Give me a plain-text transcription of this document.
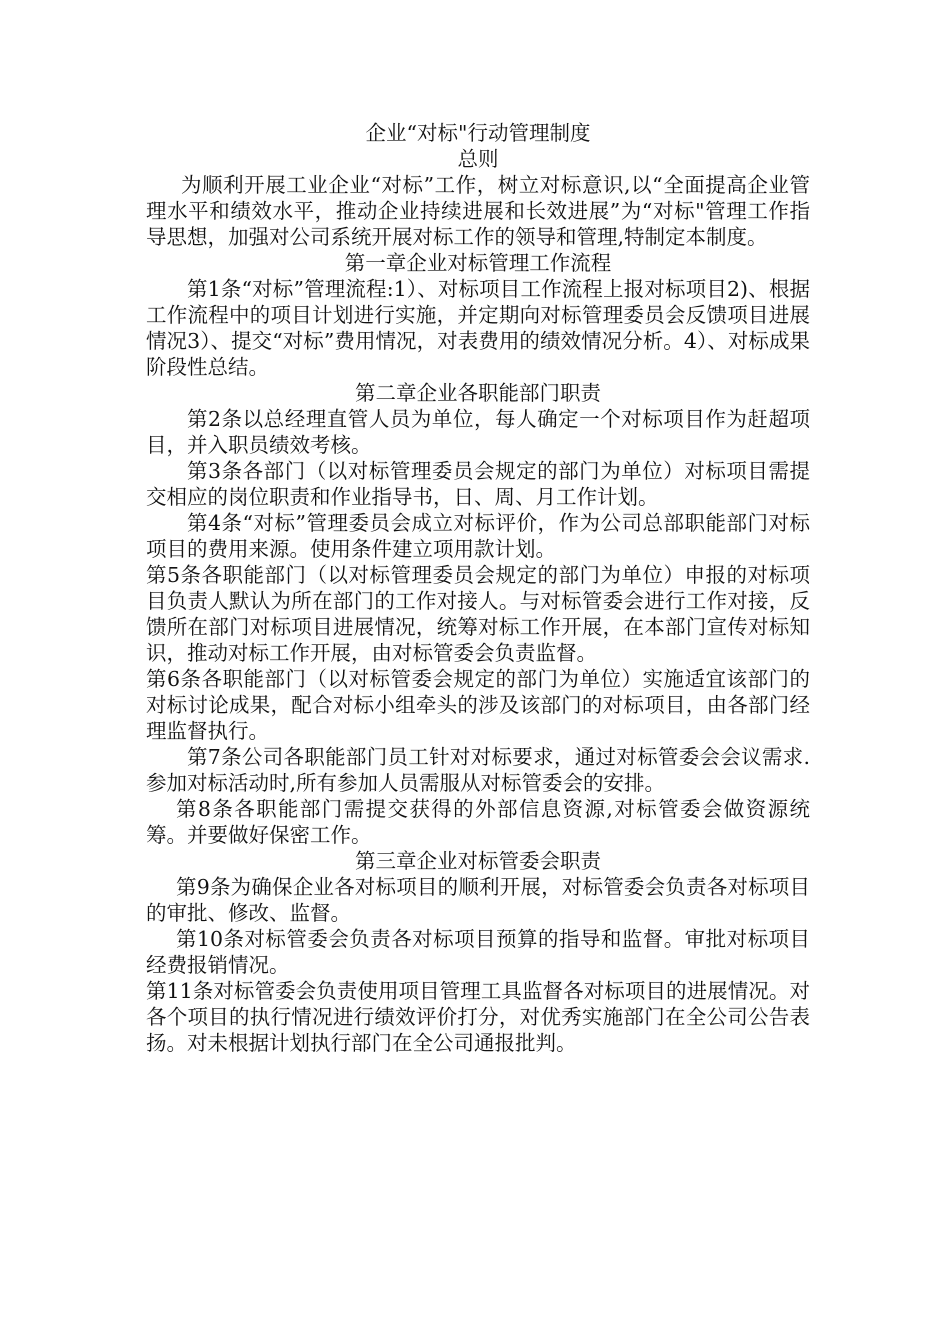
企业“对标"行动管理制度

总则

为顺利开展工业企业“对标”工作，树立对标意识,以“全面提高企业管理水平和绩效水平，推动企业持续进展和长效进展”为“对标"管理工作指导思想，加强对公司系统开展对标工作的领导和管理,特制定本制度。

第一章企业对标管理工作流程

第1条“对标”管理流程:1）、对标项目工作流程上报对标项目2)、根据工作流程中的项目计划进行实施，并定期向对标管理委员会反馈项目进展情况3）、提交“对标”费用情况，对表费用的绩效情况分析。4）、对标成果阶段性总结。

第二章企业各职能部门职责

第2条以总经理直管人员为单位，每人确定一个对标项目作为赶超项目，并入职员绩效考核。

第3条各部门（以对标管理委员会规定的部门为单位）对标项目需提交相应的岗位职责和作业指导书，日、周、月工作计划。

第4条“对标”管理委员会成立对标评价，作为公司总部职能部门对标项目的费用来源。使用条件建立项用款计划。

第5条各职能部门（以对标管理委员会规定的部门为单位）申报的对标项目负责人默认为所在部门的工作对接人。与对标管委会进行工作对接，反馈所在部门对标项目进展情况，统筹对标工作开展，在本部门宣传对标知识，推动对标工作开展，由对标管委会负责监督。

第6条各职能部门（以对标管委会规定的部门为单位）实施适宜该部门的对标讨论成果，配合对标小组牵头的涉及该部门的对标项目，由各部门经理监督执行。

第7条公司各职能部门员工针对对标要求，通过对标管委会会议需求.参加对标活动时,所有参加人员需服从对标管委会的安排。

第8条各职能部门需提交获得的外部信息资源,对标管委会做资源统筹。并要做好保密工作。

第三章企业对标管委会职责

第9条为确保企业各对标项目的顺利开展，对标管委会负责各对标项目的审批、修改、监督。

第10条对标管委会负责各对标项目预算的指导和监督。审批对标项目经费报销情况。

第11条对标管委会负责使用项目管理工具监督各对标项目的进展情况。对各个项目的执行情况进行绩效评价打分，对优秀实施部门在全公司公告表扬。对未根据计划执行部门在全公司通报批判。
